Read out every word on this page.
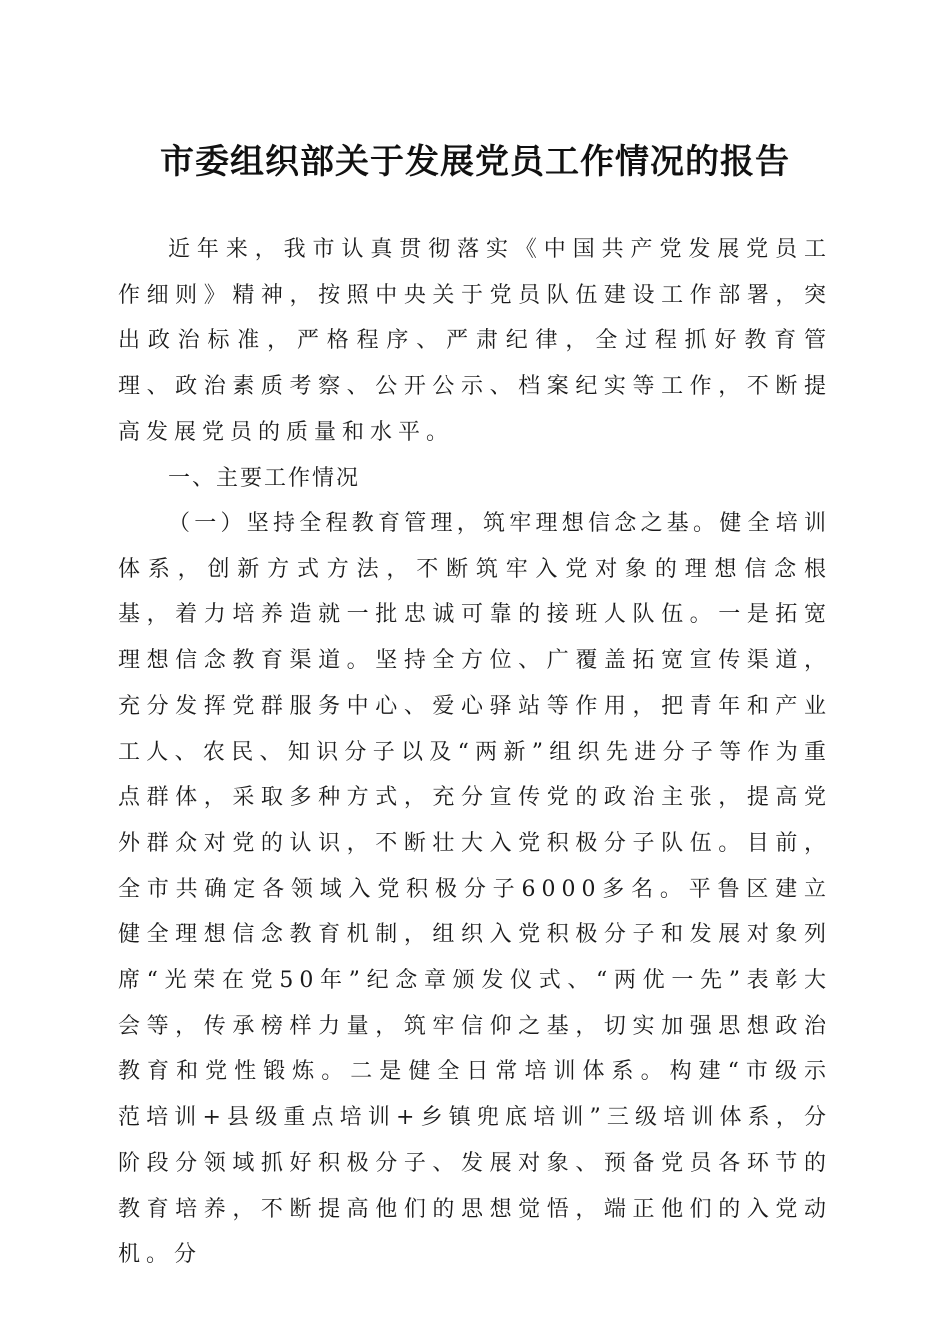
市委组织部关于发展党员工作情况的报告

近年来，我市认真贯彻落实《中国共产党发展党员工作细则》精神，按照中央关于党员队伍建设工作部署，突出政治标准，严格程序、严肃纪律，全过程抓好教育管理、政治素质考察、公开公示、档案纪实等工作，不断提高发展党员的质量和水平。

一、主要工作情况

（一）坚持全程教育管理，筑牢理想信念之基。健全培训体系，创新方式方法，不断筑牢入党对象的理想信念根基，着力培养造就一批忠诚可靠的接班人队伍。一是拓宽理想信念教育渠道。坚持全方位、广覆盖拓宽宣传渠道，充分发挥党群服务中心、爱心驿站等作用，把青年和产业工人、农民、知识分子以及“两新”组织先进分子等作为重点群体，采取多种方式，充分宣传党的政治主张，提高党外群众对党的认识，不断壮大入党积极分子队伍。目前，全市共确定各领域入党积极分子6000多名。平鲁区建立健全理想信念教育机制，组织入党积极分子和发展对象列席“光荣在党50年”纪念章颁发仪式、“两优一先”表彰大会等，传承榜样力量，筑牢信仰之基，切实加强思想政治教育和党性锻炼。二是健全日常培训体系。构建“市级示范培训+县级重点培训+乡镇兜底培训”三级培训体系，分阶段分领域抓好积极分子、发展对象、预备党员各环节的教育培养，不断提高他们的思想觉悟，端正他们的入党动机。分
